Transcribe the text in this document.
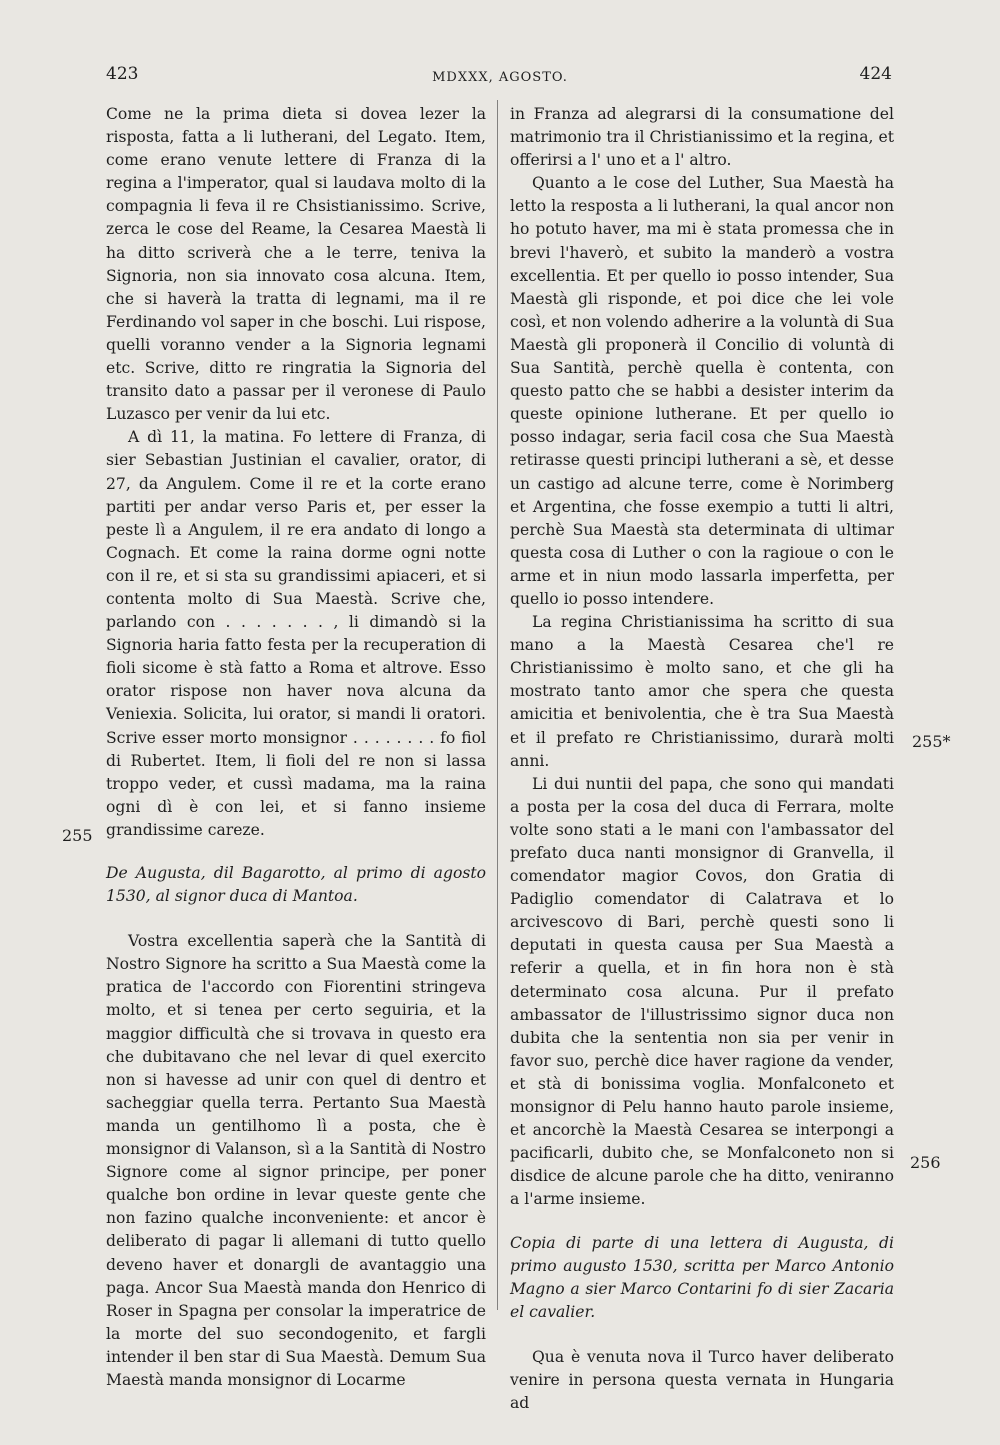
423	MDXXX, AGOSTO.	424
255
255*
256

Come ne la prima dieta si dovea lezer la risposta, fatta a li lutherani, del Legato. Item, come erano venute lettere di Franza di la regina a l'imperator, qual si laudava molto di la compagnia li feva il re Chsistianissimo. Scrive, zerca le cose del Reame, la Cesarea Maestà li ha ditto scriverà che a le terre, teniva la Signoria, non sia innovato cosa alcuna. Item, che si haverà la tratta di legnami, ma il re Ferdinando vol saper in che boschi. Lui rispose, quelli voranno vender a la Signoria legnami etc. Scrive, ditto re ringratia la Signoria del transito dato a passar per il veronese di Paulo Luzasco per venir da lui etc.

A dì 11, la matina. Fo lettere di Franza, di sier Sebastian Justinian el cavalier, orator, di 27, da Angulem. Come il re et la corte erano partiti per andar verso Paris et, per esser la peste lì a Angulem, il re era andato di longo a Cognach. Et come la raina dorme ogni notte con il re, et si sta su grandissimi apiaceri, et si contenta molto di Sua Maestà. Scrive che, parlando con . . . . . . . , li dimandò si la Signoria haria fatto festa per la recuperation di fioli sicome è stà fatto a Roma et altrove. Esso orator rispose non haver nova alcuna da Veniexia. Solicita, lui orator, si mandi li oratori. Scrive esser morto monsignor . . . . . . . . fo fiol di Rubertet. Item, li fioli del re non si lassa troppo veder, et cussì madama, ma la raina ogni dì è con lei, et si fanno insieme grandissime careze.

De Augusta, dil Bagarotto, al primo di agosto 1530, al signor duca di Mantoa.

Vostra excellentia saperà che la Santità di Nostro Signore ha scritto a Sua Maestà come la pratica de l'accordo con Fiorentini stringeva molto, et si tenea per certo seguiria, et la maggior difficultà che si trovava in questo era che dubitavano che nel levar di quel exercito non si havesse ad unir con quel di dentro et sacheggiar quella terra. Pertanto Sua Maestà manda un gentilhomo lì a posta, che è monsignor di Valanson, sì a la Santità di Nostro Signore come al signor principe, per poner qualche bon ordine in levar queste gente che non fazino qualche inconveniente: et ancor è deliberato di pagar li allemani di tutto quello deveno haver et donargli de avantaggio una paga. Ancor Sua Maestà manda don Henrico di Roser in Spagna per consolar la imperatrice de la morte del suo secondogenito, et fargli intender il ben star di Sua Maestà. Demum Sua Maestà manda monsignor di Locarme

in Franza ad alegrarsi di la consumatione del matrimonio tra il Christianissimo et la regina, et offerirsi a l' uno et a l' altro.

Quanto a le cose del Luther, Sua Maestà ha letto la resposta a li lutherani, la qual ancor non ho potuto haver, ma mi è stata promessa che in brevi l'haverò, et subito la manderò a vostra excellentia. Et per quello io posso intender, Sua Maestà gli risponde, et poi dice che lei vole così, et non volendo adherire a la voluntà di Sua Maestà gli proponerà il Concilio di voluntà di Sua Santità, perchè quella è contenta, con questo patto che se habbi a desister interim da queste opinione lutherane. Et per quello io posso indagar, seria facil cosa che Sua Maestà retirasse questi principi lutherani a sè, et desse un castigo ad alcune terre, come è Norimberg et Argentina, che fosse exempio a tutti li altri, perchè Sua Maestà sta determinata di ultimar questa cosa di Luther o con la ragioue o con le arme et in niun modo lassarla imperfetta, per quello io posso intendere.

La regina Christianissima ha scritto di sua mano a la Maestà Cesarea che'l re Christianissimo è molto sano, et che gli ha mostrato tanto amor che spera che questa amicitia et benivolentia, che è tra Sua Maestà et il prefato re Christianissimo, durarà molti anni.

Li dui nuntii del papa, che sono qui mandati a posta per la cosa del duca di Ferrara, molte volte sono stati a le mani con l'ambassator del prefato duca nanti monsignor di Granvella, il comendator magior Covos, don Gratia di Padiglio comendator di Calatrava et lo arcivescovo di Bari, perchè questi sono li deputati in questa causa per Sua Maestà a referir a quella, et in fin hora non è stà determinato cosa alcuna. Pur il prefato ambassator de l'illustrissimo signor duca non dubita che la sententia non sia per venir in favor suo, perchè dice haver ragione da vender, et stà di bonissima voglia. Monfalconeto et monsignor di Pelu hanno hauto parole insieme, et ancorchè la Maestà Cesarea se interpongi a pacificarli, dubito che, se Monfalconeto non si disdice de alcune parole che ha ditto, veniranno a l'arme insieme.

Copia di parte di una lettera di Augusta, di primo augusto 1530, scritta per Marco Antonio Magno a sier Marco Contarini fo di sier Zacaria el cavalier.

Qua è venuta nova il Turco haver deliberato venire in persona questa vernata in Hungaria ad
